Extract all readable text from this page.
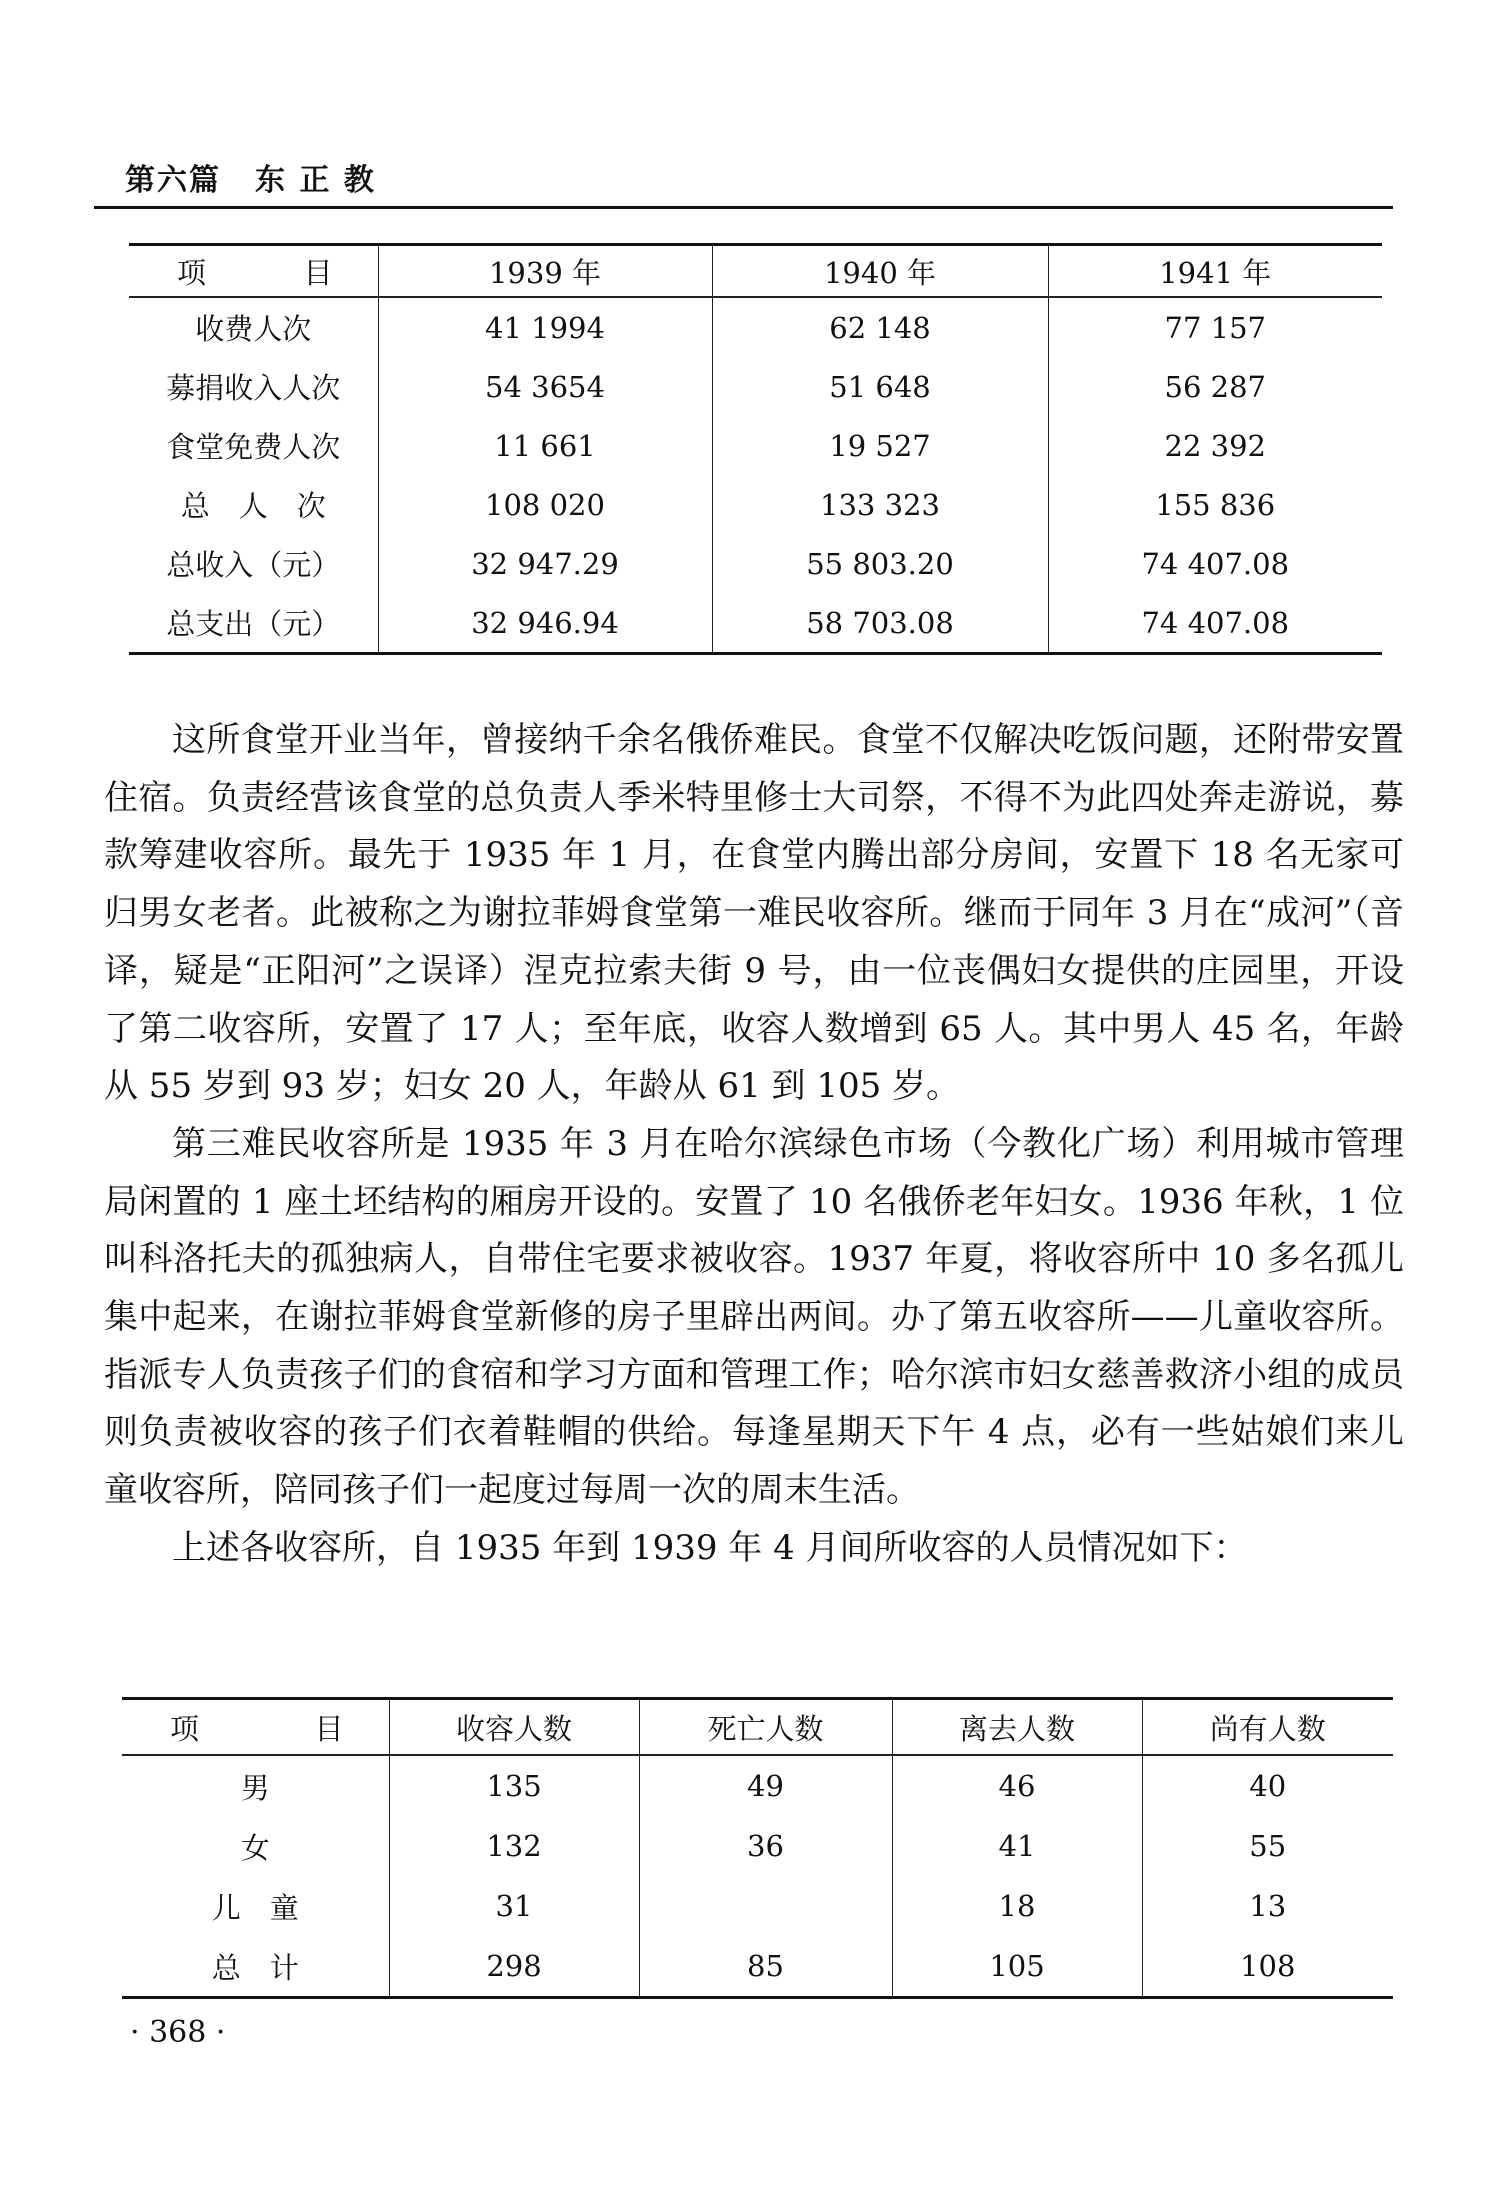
第六篇 东 正 教
项 目	1939 年	1940 年	1941 年
收费人次	41 1994	62 148	77 157
募捐收入人次	54 3654	51 648	56 287
食堂免费人次	11 661	19 527	22 392
总　人　次	108 020	133 323	155 836
总收入（元）	32 947.29	55 803.20	74 407.08
总支出（元）	32 946.94	58 703.08	74 407.08

这所食堂开业当年，曾接纳千余名俄侨难民。食堂不仅解决吃饭问题，还附带安置住宿。负责经营该食堂的总负责人季米特里修士大司祭，不得不为此四处奔走游说，募款筹建收容所。最先于 1935 年 1 月，在食堂内腾出部分房间，安置下 18 名无家可归男女老者。此被称之为谢拉菲姆食堂第一难民收容所。继而于同年 3 月在“成河”（音译，疑是“正阳河”之误译）涅克拉索夫街 9 号，由一位丧偶妇女提供的庄园里，开设了第二收容所，安置了 17 人；至年底，收容人数增到 65 人。其中男人 45 名，年龄从 55 岁到 93 岁；妇女 20 人，年龄从 61 到 105 岁。

第三难民收容所是 1935 年 3 月在哈尔滨绿色市场（今教化广场）利用城市管理局闲置的 1 座土坯结构的厢房开设的。安置了 10 名俄侨老年妇女。1936 年秋，1 位叫科洛托夫的孤独病人，自带住宅要求被收容。1937 年夏，将收容所中 10 多名孤儿集中起来，在谢拉菲姆食堂新修的房子里辟出两间。办了第五收容所——儿童收容所。指派专人负责孩子们的食宿和学习方面和管理工作；哈尔滨市妇女慈善救济小组的成员则负责被收容的孩子们衣着鞋帽的供给。每逢星期天下午 4 点，必有一些姑娘们来儿童收容所，陪同孩子们一起度过每周一次的周末生活。

上述各收容所，自 1935 年到 1939 年 4 月间所收容的人员情况如下：

项 目	收容人数	死亡人数	离去人数	尚有人数
男	135	49	46	40
女	132	36	41	55
儿　童	31		18	13
总　计	298	85	105	108
· 368 ·
